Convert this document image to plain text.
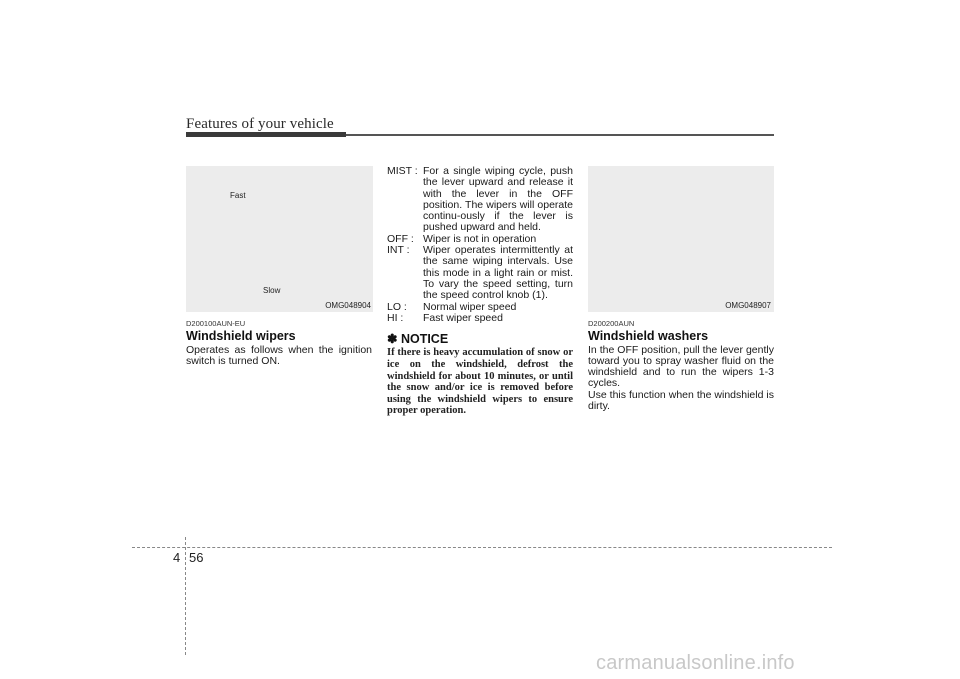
Features of your vehicle
Fast
Slow
OMG048904
D200100AUN-EU
Windshield wipers

Operates as follows when the ignition switch is turned ON.

MIST : For a single wiping cycle, push the lever upward and release it with the lever in the OFF position. The wipers will operate continu-ously if the lever is pushed upward and held.
OFF : Wiper is not in operation
INT :	Wiper operates intermittently at the same wiping intervals. Use this mode in a light rain or mist. To vary the speed setting, turn the speed control knob (1).
LO :	Normal wiper speed
HI :	Fast wiper speed
✽ NOTICE

If there is heavy accumulation of snow or ice on the windshield, defrost the windshield for about 10 minutes, or until the snow and/or ice is removed before using the windshield wipers to ensure proper operation.

OMG048907
D200200AUN
Windshield washers

In the OFF position, pull the lever gently toward you to spray washer fluid on the windshield and to run the wipers 1-3 cycles.

Use this function when the windshield is dirty.

4 56
carmanualsonline.info
